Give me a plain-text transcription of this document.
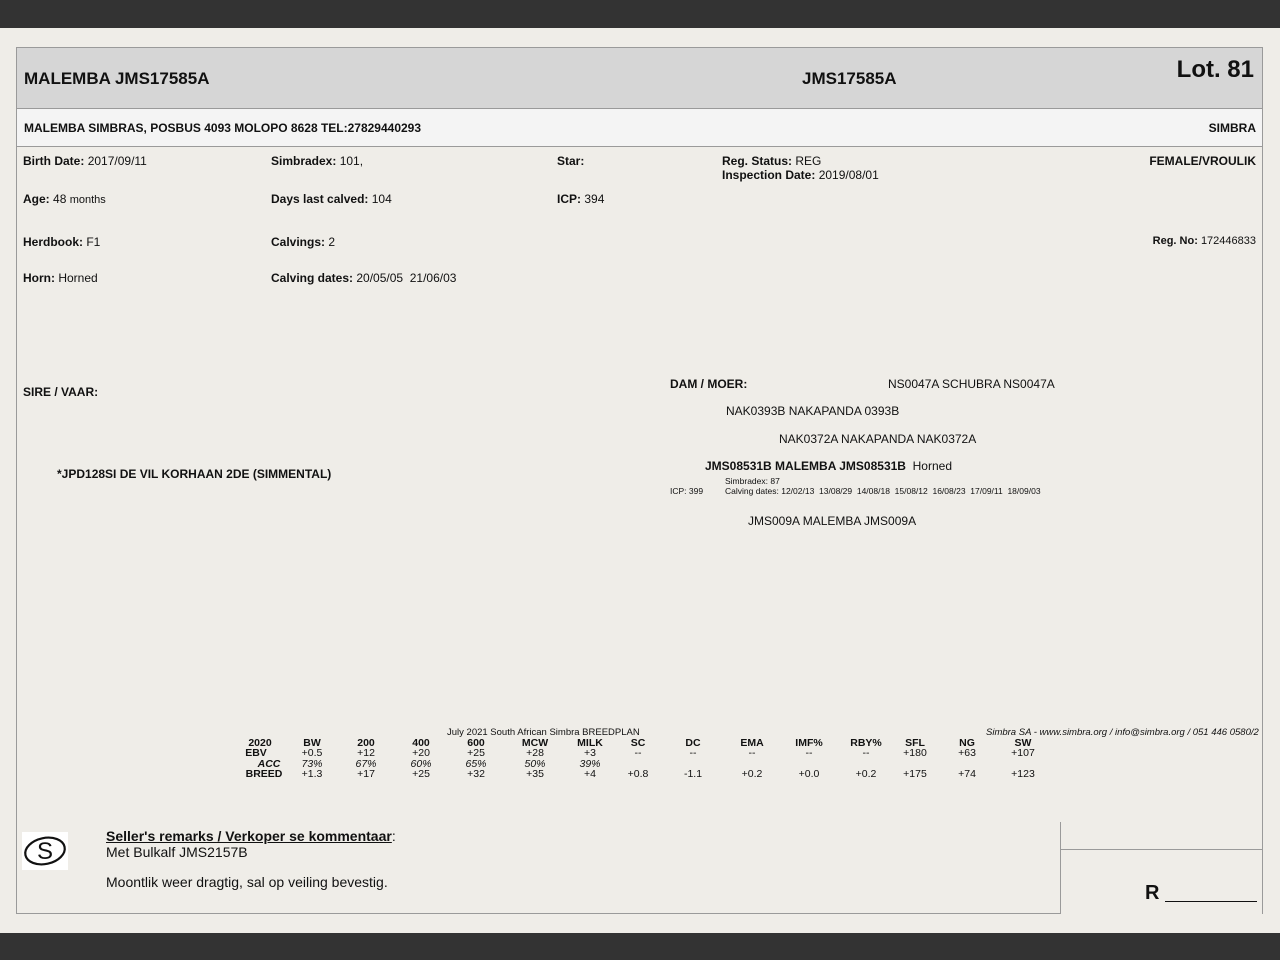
MALEMBA JMS17585A	JMS17585A	Lot. 81
MALEMBA SIMBRAS, POSBUS 4093 MOLOPO 8628 TEL:27829440293	SIMBRA
Birth Date: 2017/09/11	Simbradex: 101,	Star:	Reg. Status: REG
Inspection Date: 2019/08/01
FEMALE/VROULIK
Age: 48 months	Days last calved: 104	ICP: 394
Herdbook: F1	Calvings: 2	Reg. No: 172446833
Horn: Horned	Calving dates: 20/05/05  21/06/03
SIRE / VAAR:
*JPD128SI DE VIL KORHAAN 2DE (SIMMENTAL)
DAM / MOER:	NS0047A SCHUBRA NS0047A
NAK0393B NAKAPANDA 0393B
NAK0372A NAKAPANDA NAK0372A
JMS08531B MALEMBA JMS08531B Horned
Simbradex: 87
ICP: 399	Calving dates: 12/02/13  13/08/29  14/08/18  15/08/12  16/08/23  17/09/11  18/09/03
JMS009A MALEMBA JMS009A
July 2021 South African Simbra BREEDPLAN	Simbra SA - www.simbra.org / info@simbra.org / 051 446 0580/2
2020	BW	200	400	600	MCW	MILK	SC	DC	EMA	IMF%	RBY%	SFL	NG	SW
EBV	+0.5	+12	+20	+25	+28	+3	--	--	--	--	--	+180	+63	+107
ACC	73%	67%	60%	65%	50%	39%
BREED	+1.3	+17	+25	+32	+35	+4	+0.8	-1.1	+0.2	+0.0	+0.2	+175	+74	+123
S
Seller's remarks / Verkoper se kommentaar:
Met Bulkalf JMS2157B
Moontlik weer dragtig, sal op veiling bevestig.	R
